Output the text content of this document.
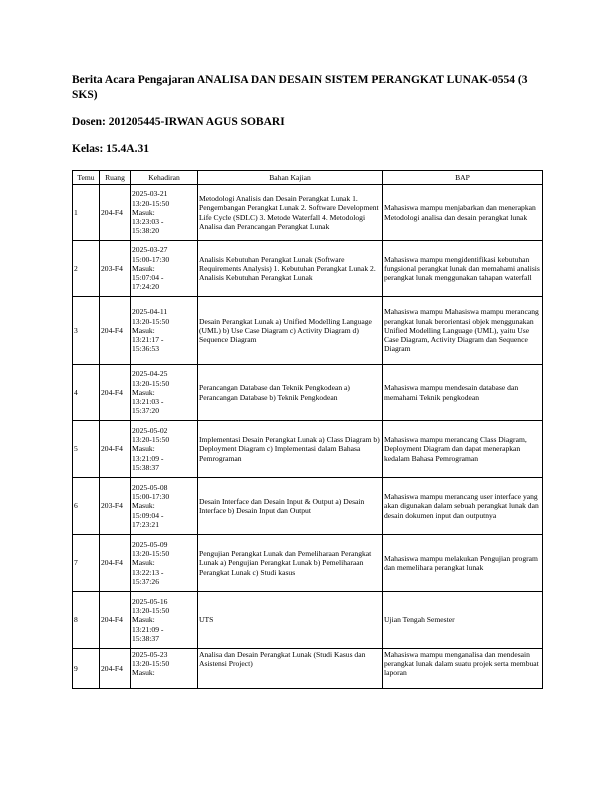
Berita Acara Pengajaran ANALISA DAN DESAIN SISTEM PERANGKAT LUNAK-0554 (3 SKS)
Dosen: 201205445-IRWAN AGUS SOBARI
Kelas: 15.4A.31
Temu	Ruang	Kehadiran	Bahan Kajian	BAP
1	204-F4	2025-03-21
13:20-15:50
Masuk:
13:23:03 -
15:38:20	Metodologi Analisis dan Desain Perangkat Lunak 1. Pengembangan Perangkat Lunak 2. Software Development Life Cycle (SDLC) 3. Metode Waterfall 4. Metodologi Analisa dan Perancangan Perangkat Lunak	Mahasiswa mampu menjabarkan dan menerapkan Metodologi analisa dan desain perangkat lunak
2	203-F4	2025-03-27
15:00-17:30
Masuk:
15:07:04 -
17:24:20	Analisis Kebutuhan Perangkat Lunak (Software Requirements Analysis) 1. Kebutuhan Perangkat Lunak 2. Analisis Kebutuhan Perangkat Lunak	Mahasiswa mampu mengidentifikasi kebutuhan fungsional perangkat lunak dan memahami analisis perangkat lunak menggunakan tahapan waterfall
3	204-F4	2025-04-11
13:20-15:50
Masuk:
13:21:17 -
15:36:53	Desain Perangkat Lunak a) Unified Modelling Language (UML) b) Use Case Diagram c) Activity Diagram d) Sequence Diagram	Mahasiswa mampu Mahasiswa mampu merancang perangkat lunak berorientasi objek menggunakan Unified Modelling Language (UML), yaitu Use Case Diagram, Activity Diagram dan Sequence Diagram
4	204-F4	2025-04-25
13:20-15:50
Masuk:
13:21:03 -
15:37:20	Perancangan Database dan Teknik Pengkodean a) Perancangan Database b) Teknik Pengkodean	Mahasiswa mampu mendesain database dan memahami Teknik pengkodean
5	204-F4	2025-05-02
13:20-15:50
Masuk:
13:21:09 -
15:38:37	Implementasi Desain Perangkat Lunak a) Class Diagram b) Deployment Diagram c) Implementasi dalam Bahasa Pemrograman	Mahasiswa mampu merancang Class Diagram, Deployment Diagram dan dapat menerapkan kedalam Bahasa Pemrograman
6	203-F4	2025-05-08
15:00-17:30
Masuk:
15:09:04 -
17:23:21	Desain Interface dan Desain Input & Output a) Desain Interface b) Desain Input dan Output	Mahasiswa mampu merancang user interface yang akan digunakan dalam sebuah perangkat lunak dan desain dokumen input dan outputnya
7	204-F4	2025-05-09
13:20-15:50
Masuk:
13:22:13 -
15:37:26	Pengujian Perangkat Lunak dan Pemeliharaan Perangkat Lunak a) Pengujian Perangkat Lunak b) Pemeliharaan Perangkat Lunak c) Studi kasus	Mahasiswa mampu melakukan Pengujian program dan memelihara perangkat lunak
8	204-F4	2025-05-16
13:20-15:50
Masuk:
13:21:09 -
15:38:37	UTS	Ujian Tengah Semester
9	204-F4	2025-05-23
13:20-15:50
Masuk:	Analisa dan Desain Perangkat Lunak (Studi Kasus dan Asistensi Project)	Mahasiswa mampu menganalisa dan mendesain perangkat lunak dalam suatu projek serta membuat laporan
